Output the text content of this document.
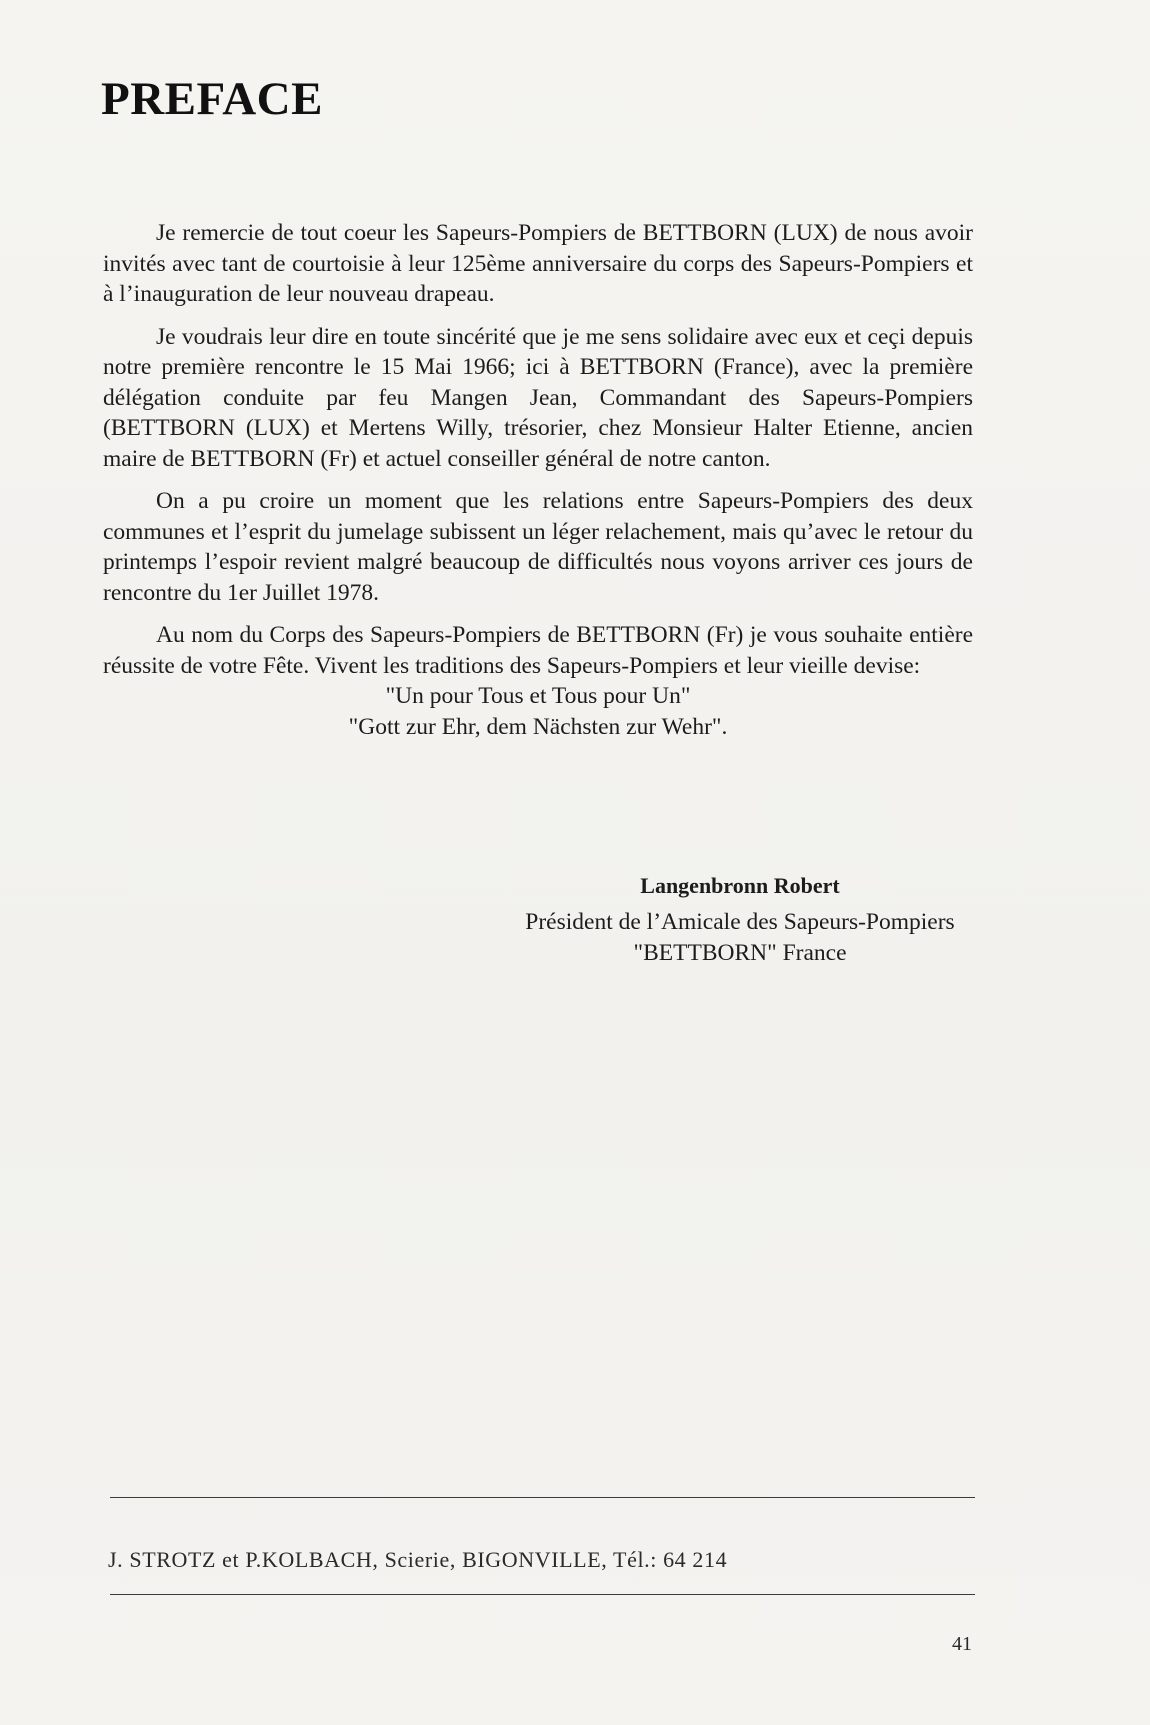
PREFACE

Je remercie de tout coeur les Sapeurs-Pompiers de BETTBORN (LUX) de nous avoir invités avec tant de courtoisie à leur 125ème anniversaire du corps des Sapeurs-Pompiers et à l’inauguration de leur nouveau drapeau.

Je voudrais leur dire en toute sincérité que je me sens solidaire avec eux et ceçi depuis notre première rencontre le 15 Mai 1966; ici à BETTBORN (France), avec la première délégation conduite par feu Mangen Jean, Commandant des Sapeurs-Pompiers (BETTBORN (LUX) et Mertens Willy, trésorier, chez Monsieur Halter Etienne, ancien maire de BETTBORN (Fr) et actuel conseiller général de notre canton.

On a pu croire un moment que les relations entre Sapeurs-Pompiers des deux communes et l’esprit du jumelage subissent un léger relachement, mais qu’avec le retour du printemps l’espoir revient malgré beaucoup de difficultés nous voyons arriver ces jours de rencontre du 1er Juillet 1978.

Au nom du Corps des Sapeurs-Pompiers de BETTBORN (Fr) je vous souhaite entière réussite de votre Fête. Vivent les traditions des Sapeurs-Pompiers et leur vieille devise:

"Un pour Tous et Tous pour Un"
"Gott zur Ehr, dem Nächsten zur Wehr".
Langenbronn Robert
Président de l’Amicale des Sapeurs-Pompiers
"BETTBORN" France
J. STROTZ et P.KOLBACH, Scierie, BIGONVILLE, Tél.: 64 214
41
